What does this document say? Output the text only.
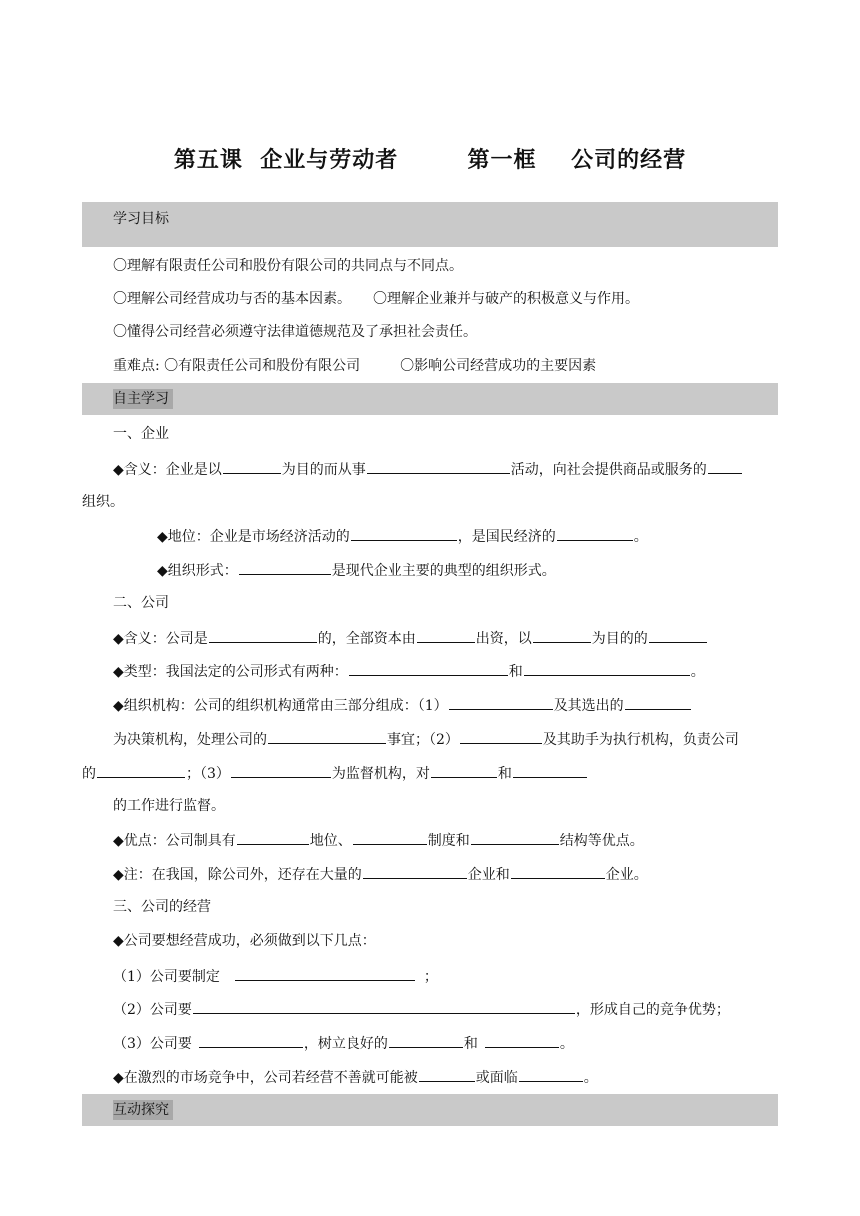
第五课  企业与劳动者        第一框    公司的经营
学习目标
〇理解有限责任公司和股份有限公司的共同点与不同点。
〇理解公司经营成功与否的基本因素。 〇理解企业兼并与破产的积极意义与作用。
〇懂得公司经营必须遵守法律道德规范及了承担社会责任。
重难点: 〇有限责任公司和股份有限公司	〇影响公司经营成功的主要因素
自主学习
一、企业
◆含义：企业是以	为目的而从事	活动，向社会提供商品或服务的
组织。
◆地位：企业是市场经济活动的	，是国民经济的	。
◆组织形式：	是现代企业主要的典型的组织形式。
二、公司
◆含义：公司是	的，全部资本由	出资，以	为目的的
◆类型：我国法定的公司形式有两种：	和	。
◆组织机构：公司的组织机构通常由三部分组成：（1）	及其选出的
为决策机构，处理公司的	事宜；（2）	及其助手为执行机构，负责公司
的	；（3）	为监督机构，对	和
的工作进行监督。
◆优点：公司制具有	地位、	制度和	结构等优点。
◆注：在我国，除公司外，还存在大量的	企业和	企业。
三、公司的经营
◆公司要想经营成功，必须做到以下几点：
（1）公司要制定	；
（2）公司要	，形成自己的竞争优势；
（3）公司要	，树立良好的	和	。
◆在激烈的市场竞争中，公司若经营不善就可能被	或面临	。
互动探究
